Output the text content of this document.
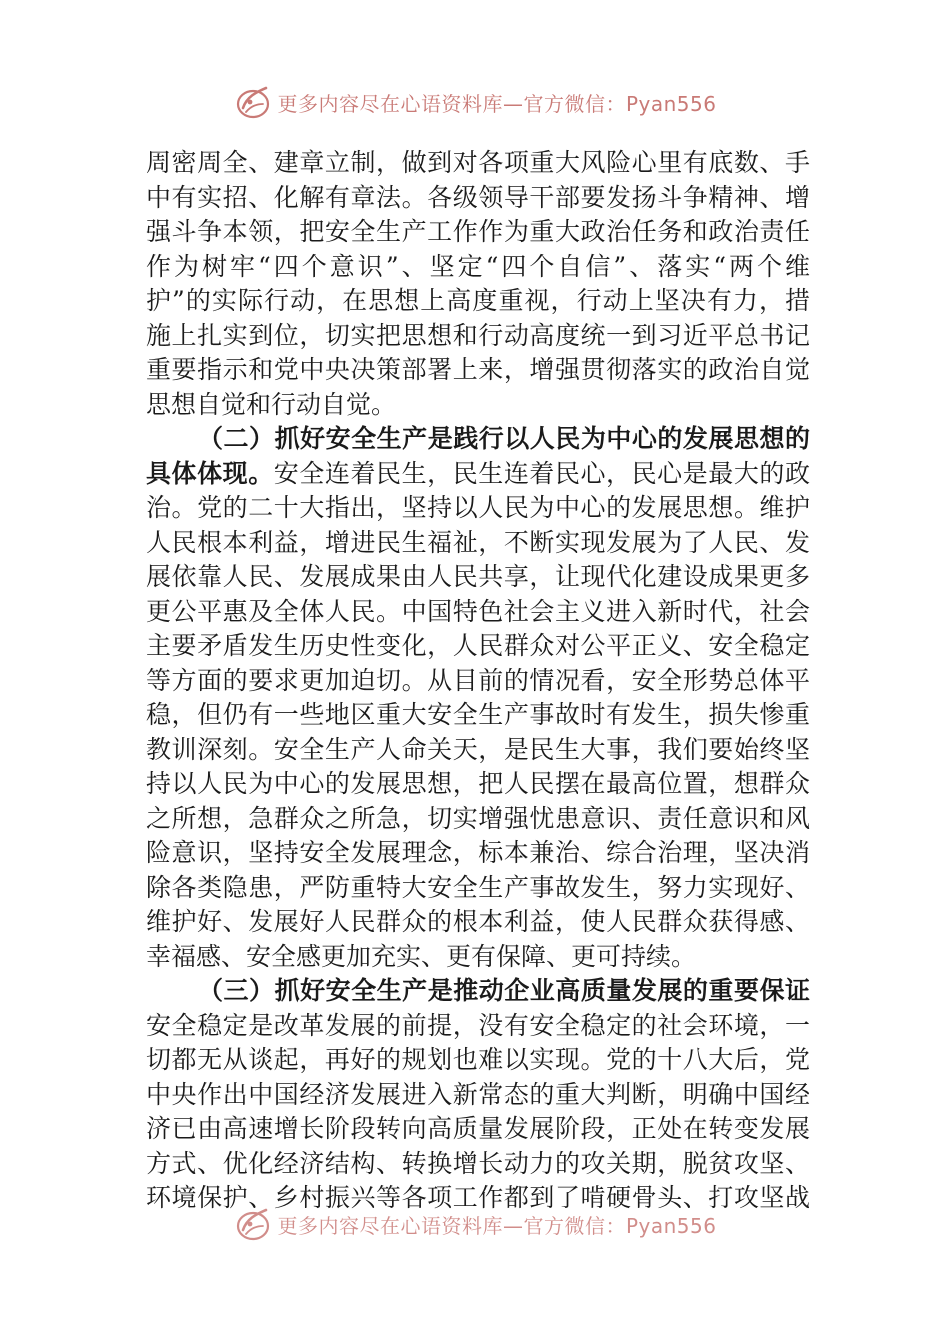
更多内容尽在心语资料库—官方微信：Pyan556
周密周全、建章立制，做到对各项重大风险心里有底数、手
中有实招、化解有章法。各级领导干部要发扬斗争精神、增
强斗争本领，把安全生产工作作为重大政治任务和政治责任
作为树牢“四个意识”、坚定“四个自信”、落实“两个维
护”的实际行动，在思想上高度重视，行动上坚决有力，措
施上扎实到位，切实把思想和行动高度统一到习近平总书记
重要指示和党中央决策部署上来，增强贯彻落实的政治自觉
思想自觉和行动自觉。
（二）抓好安全生产是践行以人民为中心的发展思想的
具体体现。安全连着民生，民生连着民心，民心是最大的政
治。党的二十大指出，坚持以人民为中心的发展思想。维护
人民根本利益，增进民生福祉，不断实现发展为了人民、发
展依靠人民、发展成果由人民共享，让现代化建设成果更多
更公平惠及全体人民。中国特色社会主义进入新时代，社会
主要矛盾发生历史性变化，人民群众对公平正义、安全稳定
等方面的要求更加迫切。从目前的情况看，安全形势总体平
稳，但仍有一些地区重大安全生产事故时有发生，损失惨重
教训深刻。安全生产人命关天，是民生大事，我们要始终坚
持以人民为中心的发展思想，把人民摆在最高位置，想群众
之所想，急群众之所急，切实增强忧患意识、责任意识和风
险意识，坚持安全发展理念，标本兼治、综合治理，坚决消
除各类隐患，严防重特大安全生产事故发生，努力实现好、
维护好、发展好人民群众的根本利益，使人民群众获得感、
幸福感、安全感更加充实、更有保障、更可持续。
（三）抓好安全生产是推动企业高质量发展的重要保证
安全稳定是改革发展的前提，没有安全稳定的社会环境，一
切都无从谈起，再好的规划也难以实现。党的十八大后，党
中央作出中国经济发展进入新常态的重大判断，明确中国经
济已由高速增长阶段转向高质量发展阶段，正处在转变发展
方式、优化经济结构、转换增长动力的攻关期，脱贫攻坚、
环境保护、乡村振兴等各项工作都到了啃硬骨头、打攻坚战
更多内容尽在心语资料库—官方微信：Pyan556
